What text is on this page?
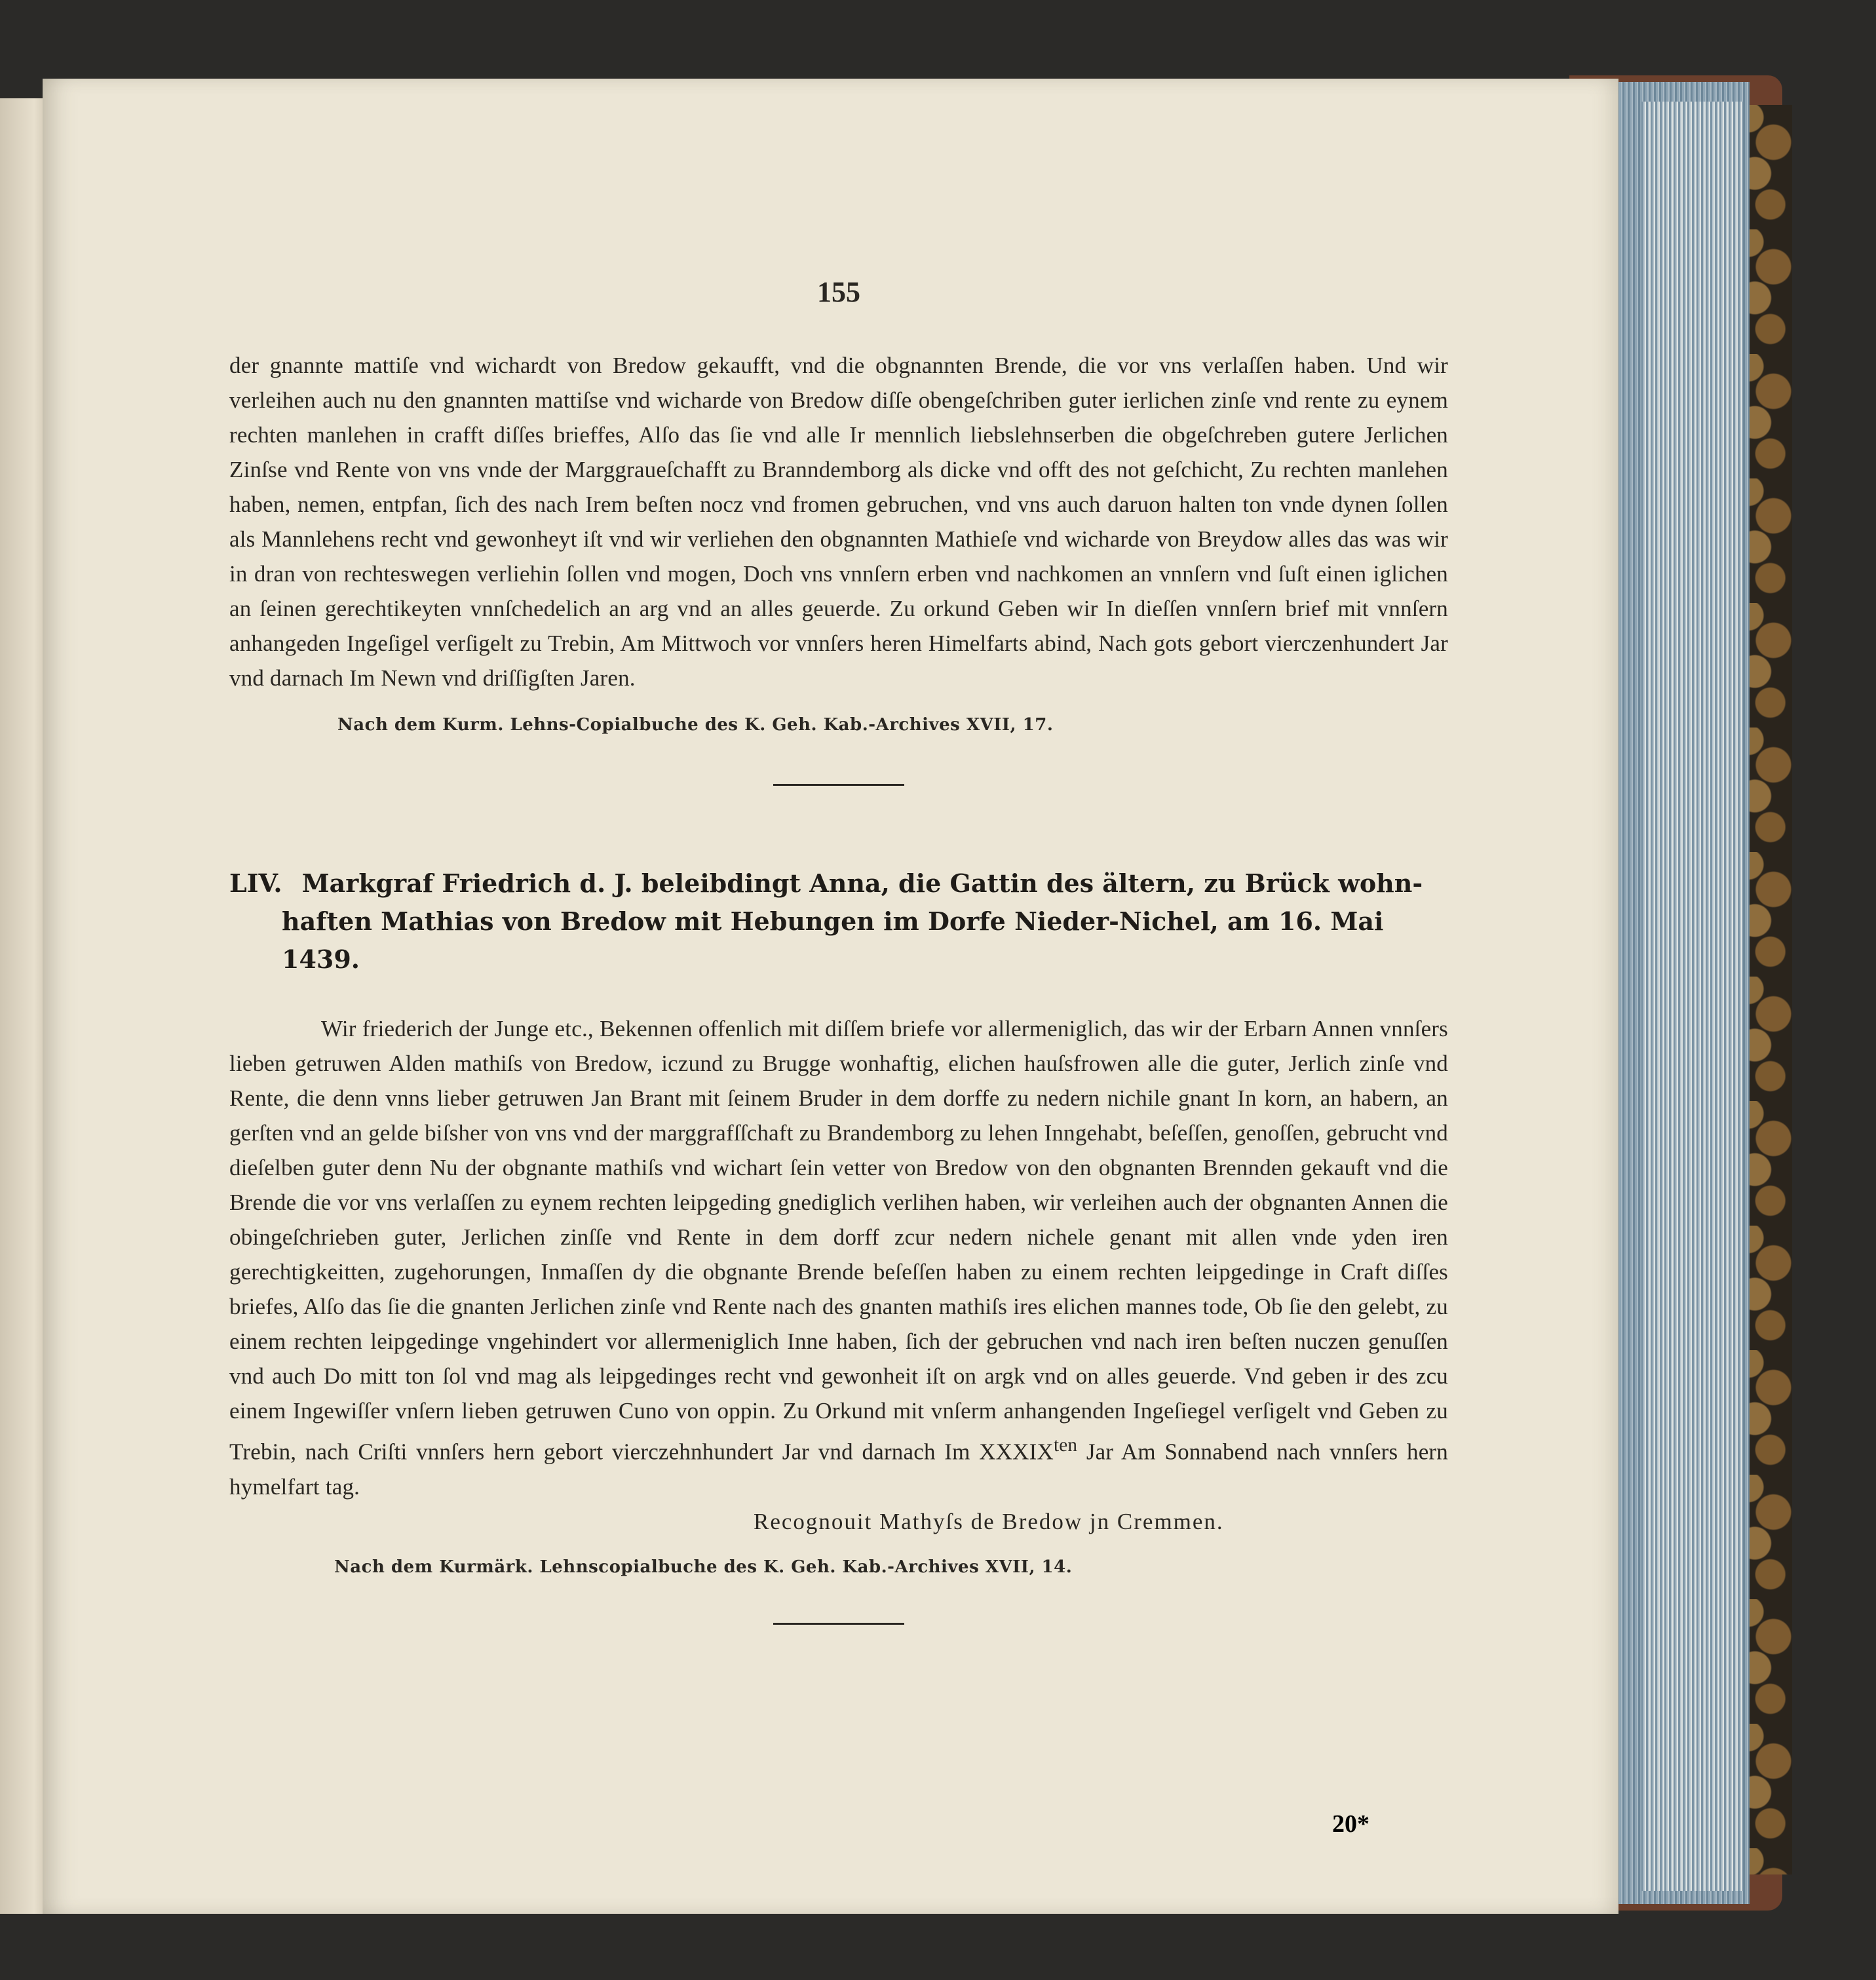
155

der gnannte mattiſe vnd wichardt von Bredow gekaufft, vnd die obgnannten Brende, die vor vns verlaſſen haben. Und wir verleihen auch nu den gnannten mattiſse vnd wicharde von Bredow diſſe obengeſchriben guter ierlichen zinſe vnd rente zu eynem rechten manlehen in crafft diſſes brieffes, Alſo das ſie vnd alle Ir mennlich liebslehnserben die obgeſchreben gutere Jerlichen Zinſse vnd Rente von vns vnde der Marggraueſchafft zu Branndemborg als dicke vnd offt des not geſchicht, Zu rechten manlehen haben, nemen, entpfan, ſich des nach Irem beſten nocz vnd fromen gebruchen, vnd vns auch daruon halten ton vnde dynen ſollen als Mannlehens recht vnd gewonheyt iſt vnd wir verliehen den obgnannten Mathieſe vnd wicharde von Breydow alles das was wir in dran von rechteswegen verliehin ſollen vnd mogen, Doch vns vnnſern erben vnd nachkomen an vnnſern vnd ſuſt einen iglichen an ſeinen gerechtikeyten vnnſchedelich an arg vnd an alles geuerde. Zu orkund Geben wir In dieſſen vnnſern brief mit vnnſern anhangeden Ingeſigel verſigelt zu Trebin, Am Mittwoch vor vnnſers heren Himelfarts abind, Nach gots gebort vierczenhundert Jar vnd darnach Im Newn vnd driſſigſten Jaren.

Nach dem Kurm. Lehns-Copialbuche des K. Geh. Kab.-Archives XVII, 17.

LIV. Markgraf Friedrich d. J. beleibdingt Anna, die Gattin des ältern, zu Brück wohn-
haften Mathias von Bredow mit Hebungen im Dorfe Nieder-Nichel, am 16. Mai 1439.

Wir friederich der Junge etc., Bekennen offenlich mit diſſem briefe vor allermeniglich, das wir der Erbarn Annen vnnſers lieben getruwen Alden mathiſs von Bredow, iczund zu Brugge wonhaftig, elichen hauſsfrowen alle die guter, Jerlich zinſe vnd Rente, die denn vnns lieber getruwen Jan Brant mit ſeinem Bruder in dem dorffe zu nedern nichile gnant In korn, an habern, an gerſten vnd an gelde biſsher von vns vnd der marggrafſſchaft zu Brandemborg zu lehen Inngehabt, beſeſſen, genoſſen, gebrucht vnd dieſelben guter denn Nu der obgnante mathiſs vnd wichart ſein vetter von Bredow von den obgnanten Brennden gekauft vnd die Brende die vor vns verlaſſen zu eynem rechten leipgeding gnediglich verlihen haben, wir verleihen auch der obgnanten Annen die obingeſchrieben guter, Jerlichen zinſſe vnd Rente in dem dorff zcur nedern nichele genant mit allen vnde yden iren gerechtigkeitten, zugehorungen, Inmaſſen dy die obgnante Brende beſeſſen haben zu einem rechten leipgedinge in Craft diſſes briefes, Alſo das ſie die gnanten Jerlichen zinſe vnd Rente nach des gnanten mathiſs ires elichen mannes tode, Ob ſie den gelebt, zu einem rechten leipgedinge vngehindert vor allermeniglich Inne haben, ſich der gebruchen vnd nach iren beſten nuczen genuſſen vnd auch Do mitt ton ſol vnd mag als leipgedinges recht vnd gewonheit iſt on argk vnd on alles geuerde. Vnd geben ir des zcu einem Ingewiſſer vnſern lieben getruwen Cuno von oppin. Zu Orkund mit vnſerm anhangenden Ingeſiegel verſigelt vnd Geben zu Trebin, nach Criſti vnnſers hern gebort vierczehnhundert Jar vnd darnach Im $XXXIX^{ten}$ Jar Am Sonnabend nach vnnſers hern hymelfart tag.

Recognouit Mathyſs de Bredow jn Cremmen.

Nach dem Kurmärk. Lehnscopialbuche des K. Geh. Kab.-Archives XVII, 14.

20*
